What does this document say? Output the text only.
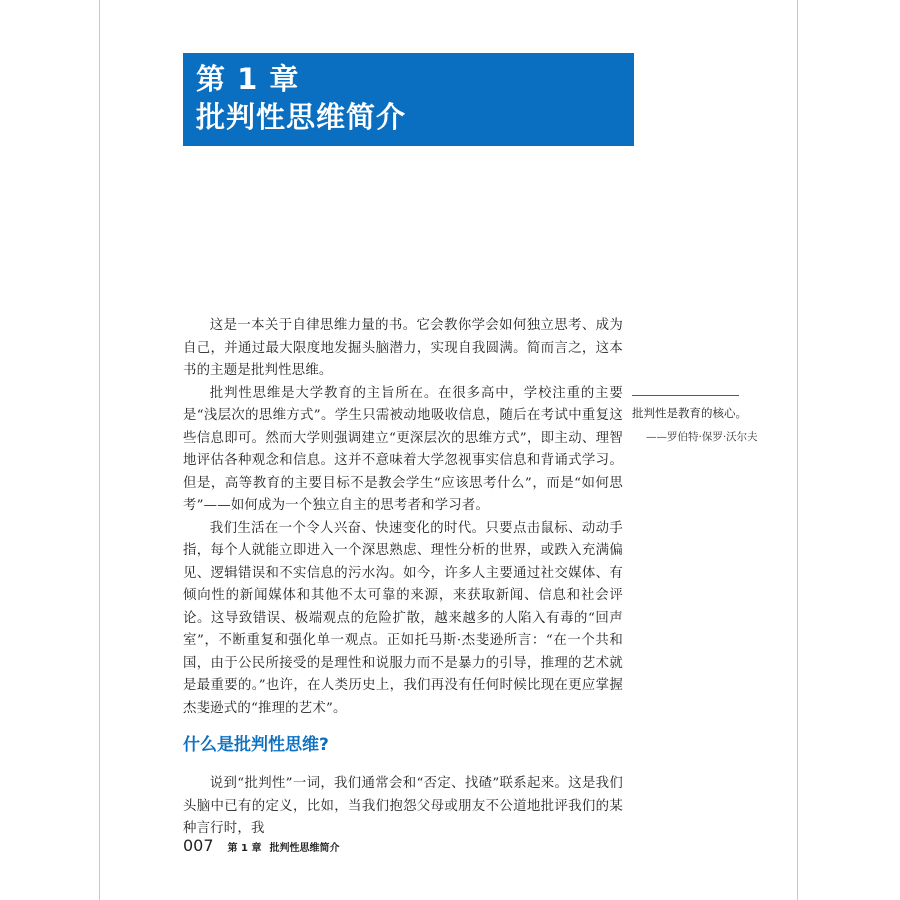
第 1 章
批判性思维简介

这是一本关于自律思维力量的书。它会教你学会如何独立思考、成为自己，并通过最大限度地发掘头脑潜力，实现自我圆满。简而言之，这本书的主题是批判性思维。

批判性思维是大学教育的主旨所在。在很多高中，学校注重的主要是“浅层次的思维方式”。学生只需被动地吸收信息，随后在考试中重复这些信息即可。然而大学则强调建立“更深层次的思维方式”，即主动、理智地评估各种观念和信息。这并不意味着大学忽视事实信息和背诵式学习。但是，高等教育的主要目标不是教会学生“应该思考什么”，而是“如何思考”——如何成为一个独立自主的思考者和学习者。

我们生活在一个令人兴奋、快速变化的时代。只要点击鼠标、动动手指，每个人就能立即进入一个深思熟虑、理性分析的世界，或跌入充满偏见、逻辑错误和不实信息的污水沟。如今，许多人主要通过社交媒体、有倾向性的新闻媒体和其他不太可靠的来源，来获取新闻、信息和社会评论。这导致错误、极端观点的危险扩散，越来越多的人陷入有毒的“回声室”，不断重复和强化单一观点。正如托马斯·杰斐逊所言：“在一个共和国，由于公民所接受的是理性和说服力而不是暴力的引导，推理的艺术就是最重要的。”也许，在人类历史上，我们再没有任何时候比现在更应掌握杰斐逊式的“推理的艺术”。

批判性是教育的核心。
——罗伯特·保罗·沃尔夫
什么是批判性思维?

说到“批判性”一词，我们通常会和“否定、找碴”联系起来。这是我们头脑中已有的定义，比如，当我们抱怨父母或朋友不公道地批评我们的某种言行时，我

007 第 1 章 批判性思维简介
